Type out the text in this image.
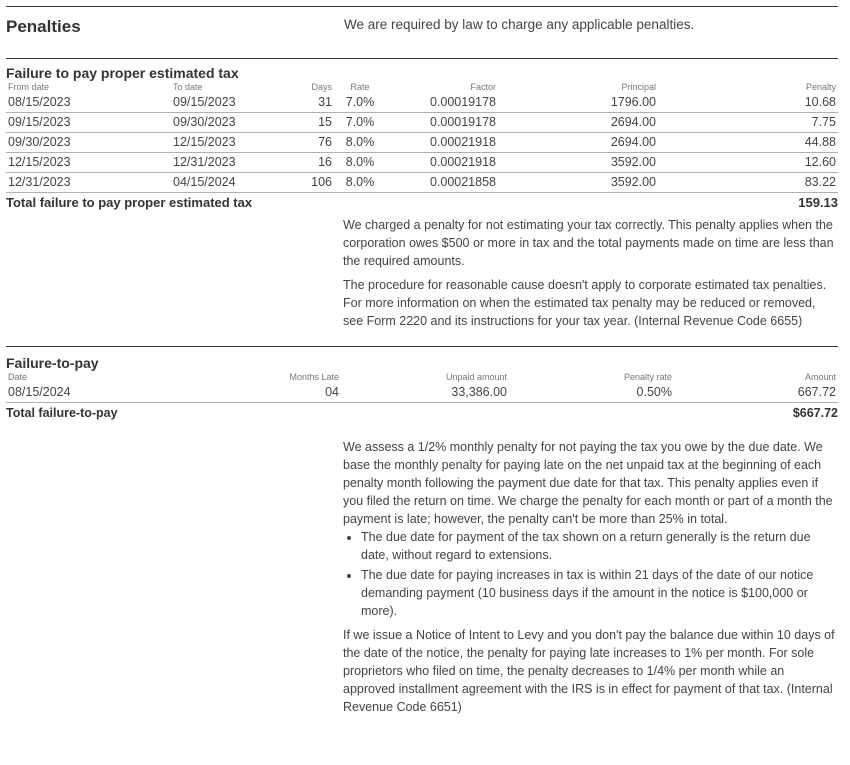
Penalties	We are required by law to charge any applicable penalties.
Failure to pay proper estimated tax
From date	To date	Days	Rate	Factor	Principal	Penalty
08/15/2023	09/15/2023	31	7.0%	0.00019178	1796.00	10.68
09/15/2023	09/30/2023	15	7.0%	0.00019178	2694.00	7.75
09/30/2023	12/15/2023	76	8.0%	0.00021918	2694.00	44.88
12/15/2023	12/31/2023	16	8.0%	0.00021918	3592.00	12.60
12/31/2023	04/15/2024	106	8.0%	0.00021858	3592.00	83.22
Total failure to pay proper estimated tax	159.13

We charged a penalty for not estimating your tax correctly. This penalty applies when the corporation owes $500 or more in tax and the total payments made on time are less than the required amounts.

The procedure for reasonable cause doesn't apply to corporate estimated tax penalties. For more information on when the estimated tax penalty may be reduced or removed, see Form 2220 and its instructions for your tax year. (Internal Revenue Code 6655)

Failure-to-pay
Date	Months Late	Unpaid amount	Penalty rate	Amount
08/15/2024	04	33,386.00	0.50%	667.72
Total failure-to-pay	$667.72

We assess a 1/2% monthly penalty for not paying the tax you owe by the due date. We base the monthly penalty for paying late on the net unpaid tax at the beginning of each penalty month following the payment due date for that tax. This penalty applies even if you filed the return on time. We charge the penalty for each month or part of a month the payment is late; however, the penalty can't be more than 25% in total.

• The due date for payment of the tax shown on a return generally is the return due date, without regard to extensions.
• The due date for paying increases in tax is within 21 days of the date of our notice demanding payment (10 business days if the amount in the notice is $100,000 or more).

If we issue a Notice of Intent to Levy and you don't pay the balance due within 10 days of the date of the notice, the penalty for paying late increases to 1% per month. For sole proprietors who filed on time, the penalty decreases to 1/4% per month while an approved installment agreement with the IRS is in effect for payment of that tax. (Internal Revenue Code 6651)
